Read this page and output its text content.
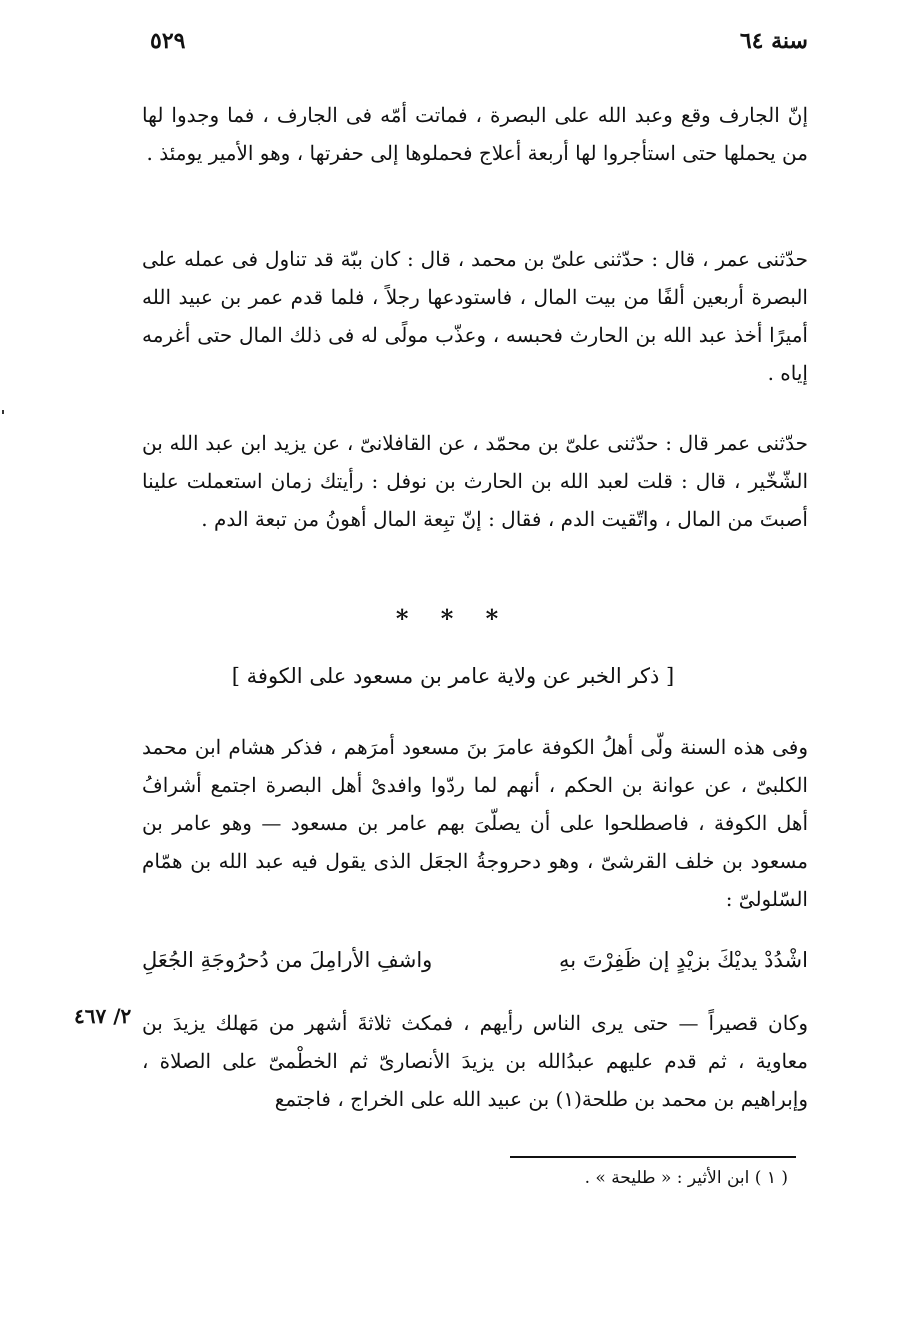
٥٢٩	سنة ٦٤
إنّ الجارف وقع وعبد الله على البصرة ، فماتت أمّه فى الجارف ، فما وجدوا لها من يحملها حتى استأجروا لها أربعة أعلاج فحملوها إلى حفرتها ، وهو الأمير يومئذ .
حدّثنى عمر ، قال : حدّثنى علىّ بن محمد ، قال : كان ببّة قد تناول فى عمله على البصرة أربعين ألفًا من بيت المال ، فاستودعها رجلاً ، فلما قدم عمر بن عبيد الله أميرًا أخذ عبد الله بن الحارث فحبسه ، وعذّب مولًى له فى ذلك المال حتى أغرمه إياه .
حدّثنى عمر قال : حدّثنى علىّ بن محمّد ، عن القافلانىّ ، عن يزيد ابن عبد الله بن الشّخّير ، قال : قلت لعبد الله بن الحارث بن نوفل : رأيتك زمان استعملت علينا أصبتَ من المال ، واتّقيت الدم ، فقال : إنّ تبِعة المال أهونُ من تبعة الدم .
* * *
[ ذكر الخبر عن ولاية عامر بن مسعود على الكوفة ]
وفى هذه السنة ولّى أهلُ الكوفة عامرَ بنَ مسعود أمرَهم ، فذكر هشام ابن محمد الكلبىّ ، عن عوانة بن الحكم ، أنهم لما ردّوا وافدىْ أهل البصرة اجتمع أشرافُ أهل الكوفة ، فاصطلحوا على أن يصلّىَ بهم عامر بن مسعود — وهو عامر بن مسعود بن خلف القرشىّ ، وهو دحروجةُ الجعَل الذى يقول فيه عبد الله بن همّام السّلولىّ :
اشْدُدْ يديْكَ بزيْدٍ إن ظَفِرْتَ بهِ
واشفِ الأرامِلَ من دُحرُوجَةِ الجُعَلِ
٢/ ٤٦٧ وكان قصيراً — حتى يرى الناس رأيهم ، فمكث ثلاثةَ أشهر من مَهلك يزيدَ بن معاوية ، ثم قدم عليهم عبدُالله بن يزيدَ الأنصارىّ ثم الخطْمىّ على الصلاة ، وإبراهيم بن محمد بن طلحة(١) بن عبيد الله على الخراج ، فاجتمع
( ١ ) ابن الأثير : « طليحة » .
